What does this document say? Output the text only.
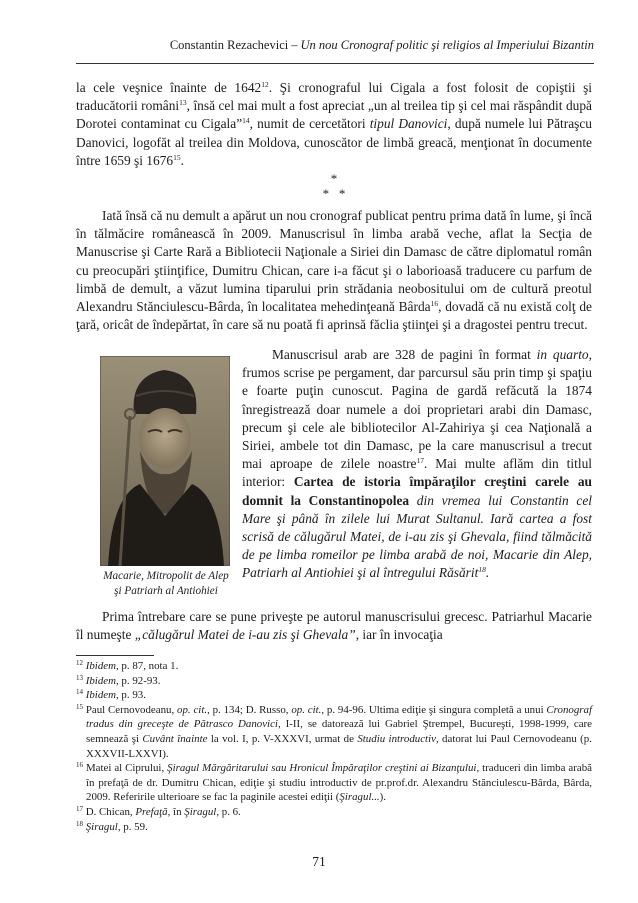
Constantin Rezachevici – Un nou Cronograf politic şi religios al Imperiului Bizantin
la cele veşnice înainte de 1642$^{12}$. Şi cronograful lui Cigala a fost folosit de copiştii şi traducătorii români$^{13}$, însă cel mai mult a fost apreciat „un al treilea tip şi cel mai răspândit după Dorotei contaminat cu Cigala”$^{14}$, numit de cercetători tipul Danovici, după numele lui Pătraşcu Danovici, logofăt al treilea din Moldova, cunoscător de limbă greacă, menţionat în documente între 1659 şi 1676$^{15}$.
*
*   *
Iată însă că nu demult a apărut un nou cronograf publicat pentru prima dată în lume, şi încă în tălmăcire românească în 2009. Manuscrisul în limba arabă veche, aflat la Secţia de Manuscrise şi Carte Rară a Bibliotecii Naţionale a Siriei din Damasc de către diplomatul român cu preocupări ştiinţifice, Dumitru Chican, care i-a făcut şi o laborioasă traducere cu parfum de limbă de demult, a văzut lumina tiparului prin strădania neobositului om de cultură preotul Alexandru Stănciulescu-Bârda, în localitatea mehedinţeană Bârda$^{16}$, dovadă că nu există colţ de ţară, oricât de îndepărtat, în care să nu poată fi aprinsă făclia ştiinţei şi a dragostei pentru trecut.
Macarie, Mitropolit de Alep
şi Patriarh al Antiohiei
Manuscrisul arab are 328 de pagini în format in quarto, frumos scrise pe pergament, dar parcursul său prin timp şi spaţiu e foarte puţin cunoscut. Pagina de gardă refăcută la 1874 înregistrează doar numele a doi proprietari arabi din Damasc, precum şi cele ale bibliotecilor Al-Zahiriya şi cea Naţională a Siriei, ambele tot din Damasc, pe la care manuscrisul a trecut mai aproape de zilele noastre$^{17}$. Mai multe aflăm din titlul interior: Cartea de istoria împăraţilor creştini carele au domnit la Constantinopolea din vremea lui Constantin cel Mare şi până în zilele lui Murat Sultanul. Iară cartea a fost scrisă de călugărul Matei, de i-au zis şi Ghevala, fiind tălmăcită de pe limba romeilor pe limba arabă de noi, Macarie din Alep, Patriarh al Antiohiei şi al întregului Răsărit$^{18}$.
Prima întrebare care se pune priveşte pe autorul manuscrisului grecesc. Patriarhul Macarie îl numeşte „călugărul Matei de i-au zis şi Ghevala”, iar în invocaţia
$^{12}$ Ibidem, p. 87, nota 1.
$^{13}$ Ibidem, p. 92-93.
$^{14}$ Ibidem, p. 93.
$^{15}$ Paul Cernovodeanu, op. cit., p. 134; D. Russo, op. cit., p. 94-96. Ultima ediţie şi singura completă a unui Cronograf tradus din greceşte de Pătrasco Danovici, I-II, se datorează lui Gabriel Ştrempel, Bucureşti, 1998-1999, care semnează şi Cuvânt înainte la vol. I, p. V-XXXVI, urmat de Studiu introductiv, datorat lui Paul Cernovodeanu (p. XXXVII-LXXVI).
$^{16}$ Matei al Ciprului, Şiragul Mărgăritarului sau Hronicul Împăraţilor creştini ai Bizanţului, traduceri din limba arabă în prefaţă de dr. Dumitru Chican, ediţie şi studiu introductiv de pr.prof.dr. Alexandru Stănciulescu-Bârda, Bârda, 2009. Referirile ulterioare se fac la paginile acestei ediţii (Şiragul...).
$^{17}$ D. Chican, Prefaţă, în Şiragul, p. 6.
$^{18}$ Şiragul, p. 59.
71
